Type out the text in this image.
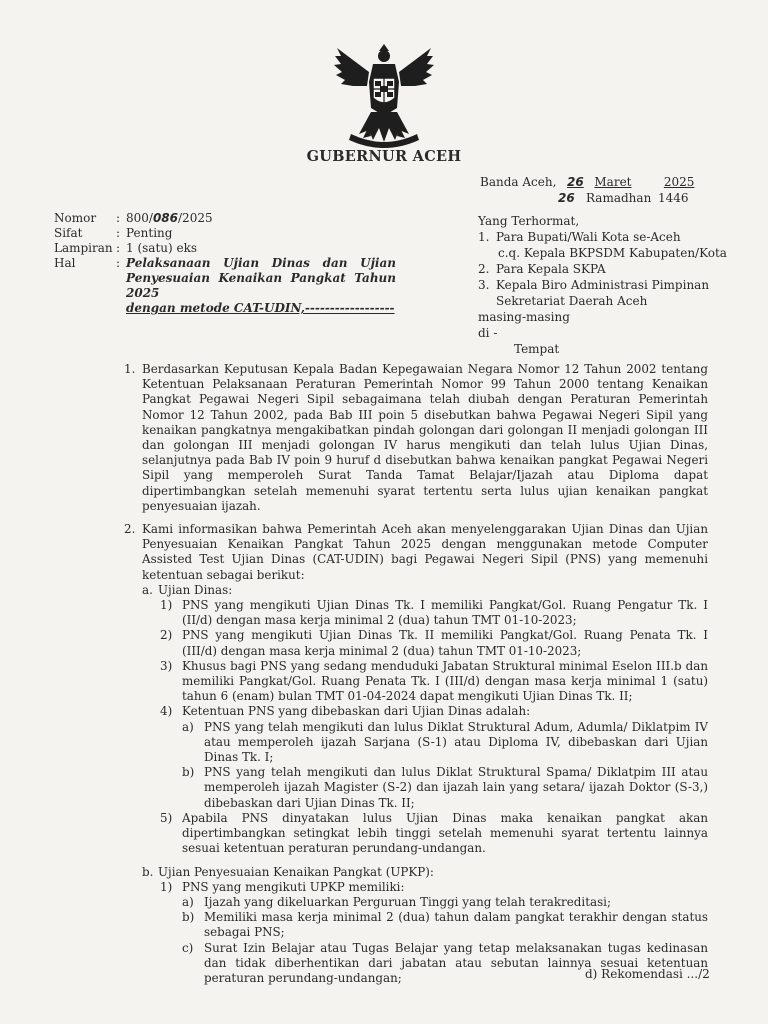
GUBERNUR ACEH
Banda Aceh, 26 Maret	2025
26 Ramadhan 1446
Nomor	: 800/086/2025
Sifat	: Penting
Lampiran : 1 (satu) eks
Hal	: Pelaksanaan Ujian Dinas dan Ujian
Penyesuaian Kenaikan Pangkat Tahun 2025
dengan metode CAT-UDIN,------------------
Yang Terhormat,
1. Para Bupati/Wali Kota se-Aceh
c.q. Kepala BKPSDM Kabupaten/Kota
2. Para Kepala SKPA
3. Kepala Biro Administrasi Pimpinan
Sekretariat Daerah Aceh
masing-masing
di -
Tempat
1. Berdasarkan Keputusan Kepala Badan Kepegawaian Negara Nomor 12 Tahun 2002 tentang Ketentuan Pelaksanaan Peraturan Pemerintah Nomor 99 Tahun 2000 tentang Kenaikan Pangkat Pegawai Negeri Sipil sebagaimana telah diubah dengan Peraturan Pemerintah Nomor 12 Tahun 2002, pada Bab III poin 5 disebutkan bahwa Pegawai Negeri Sipil yang kenaikan pangkatnya mengakibatkan pindah golongan dari golongan II menjadi golongan III dan golongan III menjadi golongan IV harus mengikuti dan telah lulus Ujian Dinas, selanjutnya pada Bab IV poin 9 huruf d disebutkan bahwa kenaikan pangkat Pegawai Negeri Sipil yang memperoleh Surat Tanda Tamat Belajar/Ijazah atau Diploma dapat dipertimbangkan setelah memenuhi syarat tertentu serta lulus ujian kenaikan pangkat penyesuaian ijazah.
2. Kami informasikan bahwa Pemerintah Aceh akan menyelenggarakan Ujian Dinas dan Ujian Penyesuaian Kenaikan Pangkat Tahun 2025 dengan menggunakan metode Computer Assisted Test Ujian Dinas (CAT-UDIN) bagi Pegawai Negeri Sipil (PNS) yang memenuhi ketentuan sebagai berikut:
a. Ujian Dinas:
1) PNS yang mengikuti Ujian Dinas Tk. I memiliki Pangkat/Gol. Ruang Pengatur Tk. I (II/d) dengan masa kerja minimal 2 (dua) tahun TMT 01-10-2023;
2) PNS yang mengikuti Ujian Dinas Tk. II memiliki Pangkat/Gol. Ruang Penata Tk. I (III/d) dengan masa kerja minimal 2 (dua) tahun TMT 01-10-2023;
3) Khusus bagi PNS yang sedang menduduki Jabatan Struktural minimal Eselon III.b dan memiliki Pangkat/Gol. Ruang Penata Tk. I (III/d) dengan masa kerja minimal 1 (satu) tahun 6 (enam) bulan TMT 01-04-2024 dapat mengikuti Ujian Dinas Tk. II;
4) Ketentuan PNS yang dibebaskan dari Ujian Dinas adalah:
a) PNS yang telah mengikuti dan lulus Diklat Struktural Adum, Adumla/ Diklatpim IV atau memperoleh ijazah Sarjana (S-1) atau Diploma IV, dibebaskan dari Ujian Dinas Tk. I;
b) PNS yang telah mengikuti dan lulus Diklat Struktural Spama/ Diklatpim III atau memperoleh ijazah Magister (S-2) dan ijazah lain yang setara/ ijazah Doktor (S-3,) dibebaskan dari Ujian Dinas Tk. II;
5) Apabila PNS dinyatakan lulus Ujian Dinas maka kenaikan pangkat akan dipertimbangkan setingkat lebih tinggi setelah memenuhi syarat tertentu lainnya sesuai ketentuan peraturan perundang-undangan.
b. Ujian Penyesuaian Kenaikan Pangkat (UPKP):
1) PNS yang mengikuti UPKP memiliki:
a) Ijazah yang dikeluarkan Perguruan Tinggi yang telah terakreditasi;
b) Memiliki masa kerja minimal 2 (dua) tahun dalam pangkat terakhir dengan status sebagai PNS;
c) Surat Izin Belajar atau Tugas Belajar yang tetap melaksanakan tugas kedinasan dan tidak diberhentikan dari jabatan atau sebutan lainnya sesuai ketentuan peraturan perundang-undangan;	d) Rekomendasi .../2
